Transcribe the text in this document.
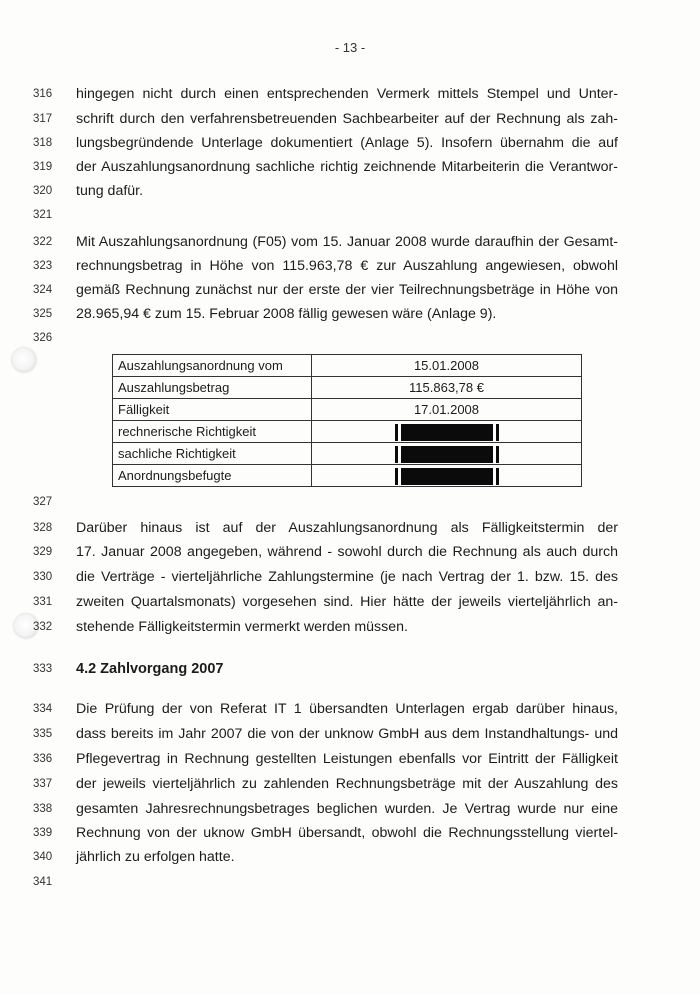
- 13 -
316
317
318
319
320
321
322
323
324
325
326
327
328
329
330
331
332
333
334
335
336
337
338
339
340
341
hingegen nicht durch einen entsprechenden Vermerk mittels Stempel und Unter-
schrift durch den verfahrensbetreuenden Sachbearbeiter auf der Rechnung als zah-
lungsbegründende Unterlage dokumentiert (Anlage 5). Insofern übernahm die auf
der Auszahlungsanordnung sachliche richtig zeichnende Mitarbeiterin die Verantwor-
tung dafür.
Mit Auszahlungsanordnung (F05) vom 15. Januar 2008 wurde daraufhin der Gesamt-
rechnungsbetrag in Höhe von 115.963,78 € zur Auszahlung angewiesen, obwohl
gemäß Rechnung zunächst nur der erste der vier Teilrechnungsbeträge in Höhe von
28.965,94 € zum 15. Februar 2008 fällig gewesen wäre (Anlage 9).
Darüber hinaus ist auf der Auszahlungsanordnung als Fälligkeitstermin der
17. Januar 2008 angegeben, während - sowohl durch die Rechnung als auch durch
die Verträge - vierteljährliche Zahlungstermine (je nach Vertrag der 1. bzw. 15. des
zweiten Quartalsmonats) vorgesehen sind. Hier hätte der jeweils vierteljährlich an-
stehende Fälligkeitstermin vermerkt werden müssen.
4.2 Zahlvorgang 2007
Die Prüfung der von Referat IT 1 übersandten Unterlagen ergab darüber hinaus,
dass bereits im Jahr 2007 die von der unknow GmbH aus dem Instandhaltungs- und
Pflegevertrag in Rechnung gestellten Leistungen ebenfalls vor Eintritt der Fälligkeit
der jeweils vierteljährlich zu zahlenden Rechnungsbeträge mit der Auszahlung des
gesamten Jahresrechnungsbetrages beglichen wurden. Je Vertrag wurde nur eine
Rechnung von der uknow GmbH übersandt, obwohl die Rechnungsstellung viertel-
jährlich zu erfolgen hatte.
Auszahlungsanordnung vom	15.01.2008
Auszahlungsbetrag	115.863,78 €
Fälligkeit	17.01.2008
rechnerische Richtigkeit	
sachliche Richtigkeit	
Anordnungsbefugte	
